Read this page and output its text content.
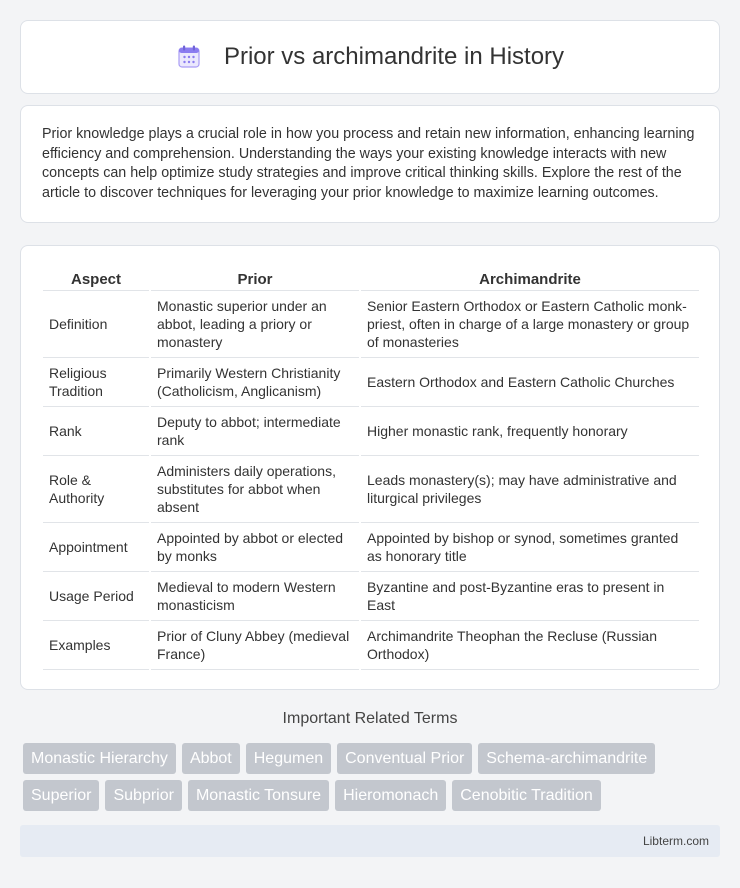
Prior vs archimandrite in History

Prior knowledge plays a crucial role in how you process and retain new information, enhancing learning efficiency and comprehension. Understanding the ways your existing knowledge interacts with new concepts can help optimize study strategies and improve critical thinking skills. Explore the rest of the article to discover techniques for leveraging your prior knowledge to maximize learning outcomes.

Aspect	Prior	Archimandrite
Definition	Monastic superior under an abbot, leading a priory or monastery	Senior Eastern Orthodox or Eastern Catholic monk-priest, often in charge of a large monastery or group of monasteries
Religious Tradition	Primarily Western Christianity (Catholicism, Anglicanism)	Eastern Orthodox and Eastern Catholic Churches
Rank	Deputy to abbot; intermediate rank	Higher monastic rank, frequently honorary
Role & Authority	Administers daily operations, substitutes for abbot when absent	Leads monastery(s); may have administrative and liturgical privileges
Appointment	Appointed by abbot or elected by monks	Appointed by bishop or synod, sometimes granted as honorary title
Usage Period	Medieval to modern Western monasticism	Byzantine and post-Byzantine eras to present in East
Examples	Prior of Cluny Abbey (medieval France)	Archimandrite Theophan the Recluse (Russian Orthodox)
Important Related Terms
Monastic Hierarchy	Abbot	Hegumen	Conventual Prior	Schema-archimandrite
Superior	Subprior	Monastic Tonsure	Hieromonach	Cenobitic Tradition
Libterm.com
